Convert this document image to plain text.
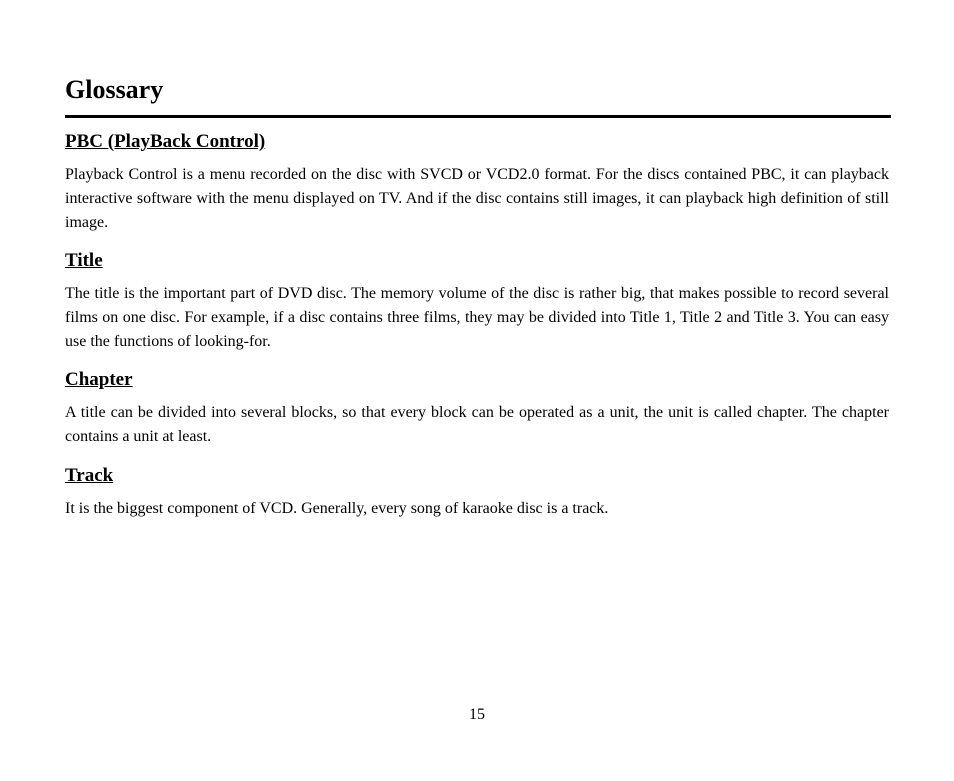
Glossary
PBC (PlayBack Control)

Playback Control is a menu recorded on the disc with SVCD or VCD2.0 format. For the discs contained PBC, it can playback interactive software with the menu displayed on TV. And if the disc contains still images, it can playback high definition of still image.

Title

The title is the important part of DVD disc. The memory volume of the disc is rather big, that makes possible to record several films on one disc. For example, if a disc contains three films, they may be divided into Title 1, Title 2 and Title 3. You can easy use the functions of looking-for.

Chapter

A title can be divided into several blocks, so that every block can be operated as a unit, the unit is called chapter. The chapter contains a unit at least.

Track

It is the biggest component of VCD. Generally, every song of karaoke disc is a track.

15
